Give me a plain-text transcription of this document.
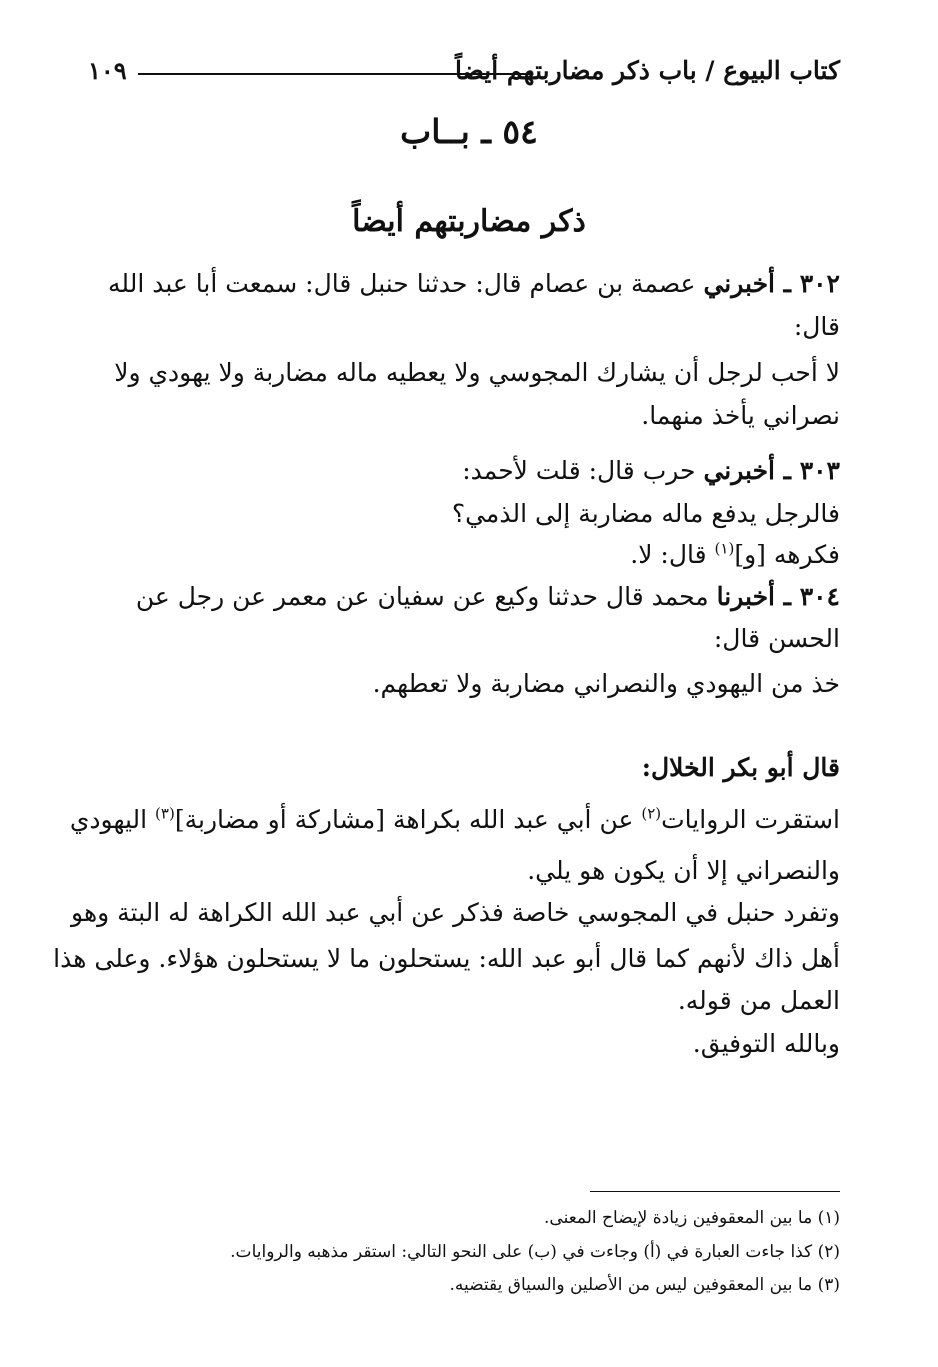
كتاب البيوع / باب ذكر مضاربتهم أيضاً
١٠٩
٥٤ ـ بــاب
ذكر مضاربتهم أيضاً
٣٠٢ ـ أخبرني عصمة بن عصام قال: حدثنا حنبل قال: سمعت أبا عبد الله
قال:
لا أحب لرجل أن يشارك المجوسي ولا يعطيه ماله مضاربة ولا يهودي ولا
نصراني يأخذ منهما.
٣٠٣ ـ أخبرني حرب قال: قلت لأحمد:
فالرجل يدفع ماله مضاربة إلى الذمي؟
فكرهه [و]$^{(١)}$ قال: لا.
٣٠٤ ـ أخبرنا محمد قال حدثنا وكيع عن سفيان عن معمر عن رجل عن
الحسن قال:
خذ من اليهودي والنصراني مضاربة ولا تعطهم.
قال أبو بكر الخلال:
استقرت الروايات$^{(٢)}$ عن أبي عبد الله بكراهة [مشاركة أو مضاربة]$^{(٣)}$ اليهودي
والنصراني إلا أن يكون هو يلي.
وتفرد حنبل في المجوسي خاصة فذكر عن أبي عبد الله الكراهة له البتة وهو
أهل ذاك لأنهم كما قال أبو عبد الله: يستحلون ما لا يستحلون هؤلاء. وعلى هذا
العمل من قوله.
وبالله التوفيق.
(١) ما بين المعقوفين زيادة لإيضاح المعنى.
(٢) كذا جاءت العبارة في (أ) وجاءت في (ب) على النحو التالي: استقر مذهبه والروايات.
(٣) ما بين المعقوفين ليس من الأصلين والسياق يقتضيه.
